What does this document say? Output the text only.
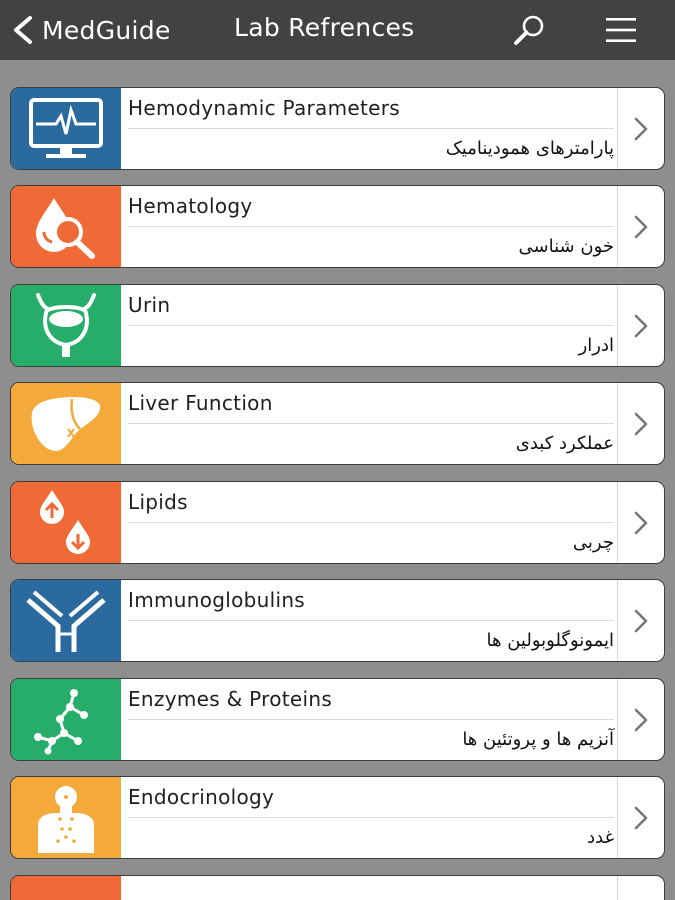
MedGuide	Lab Refrences
Hemodynamic Parameters
پارامترهای همودینامیک
Hematology
خون شناسی
Urin
ادرار
Liver Function
عملکرد کبدی
Lipids
چربی
Immunoglobulins
ایمونوگلوبولین ها
Enzymes & Proteins
آنزیم ها و پروتئین ها
Endocrinology
غدد
